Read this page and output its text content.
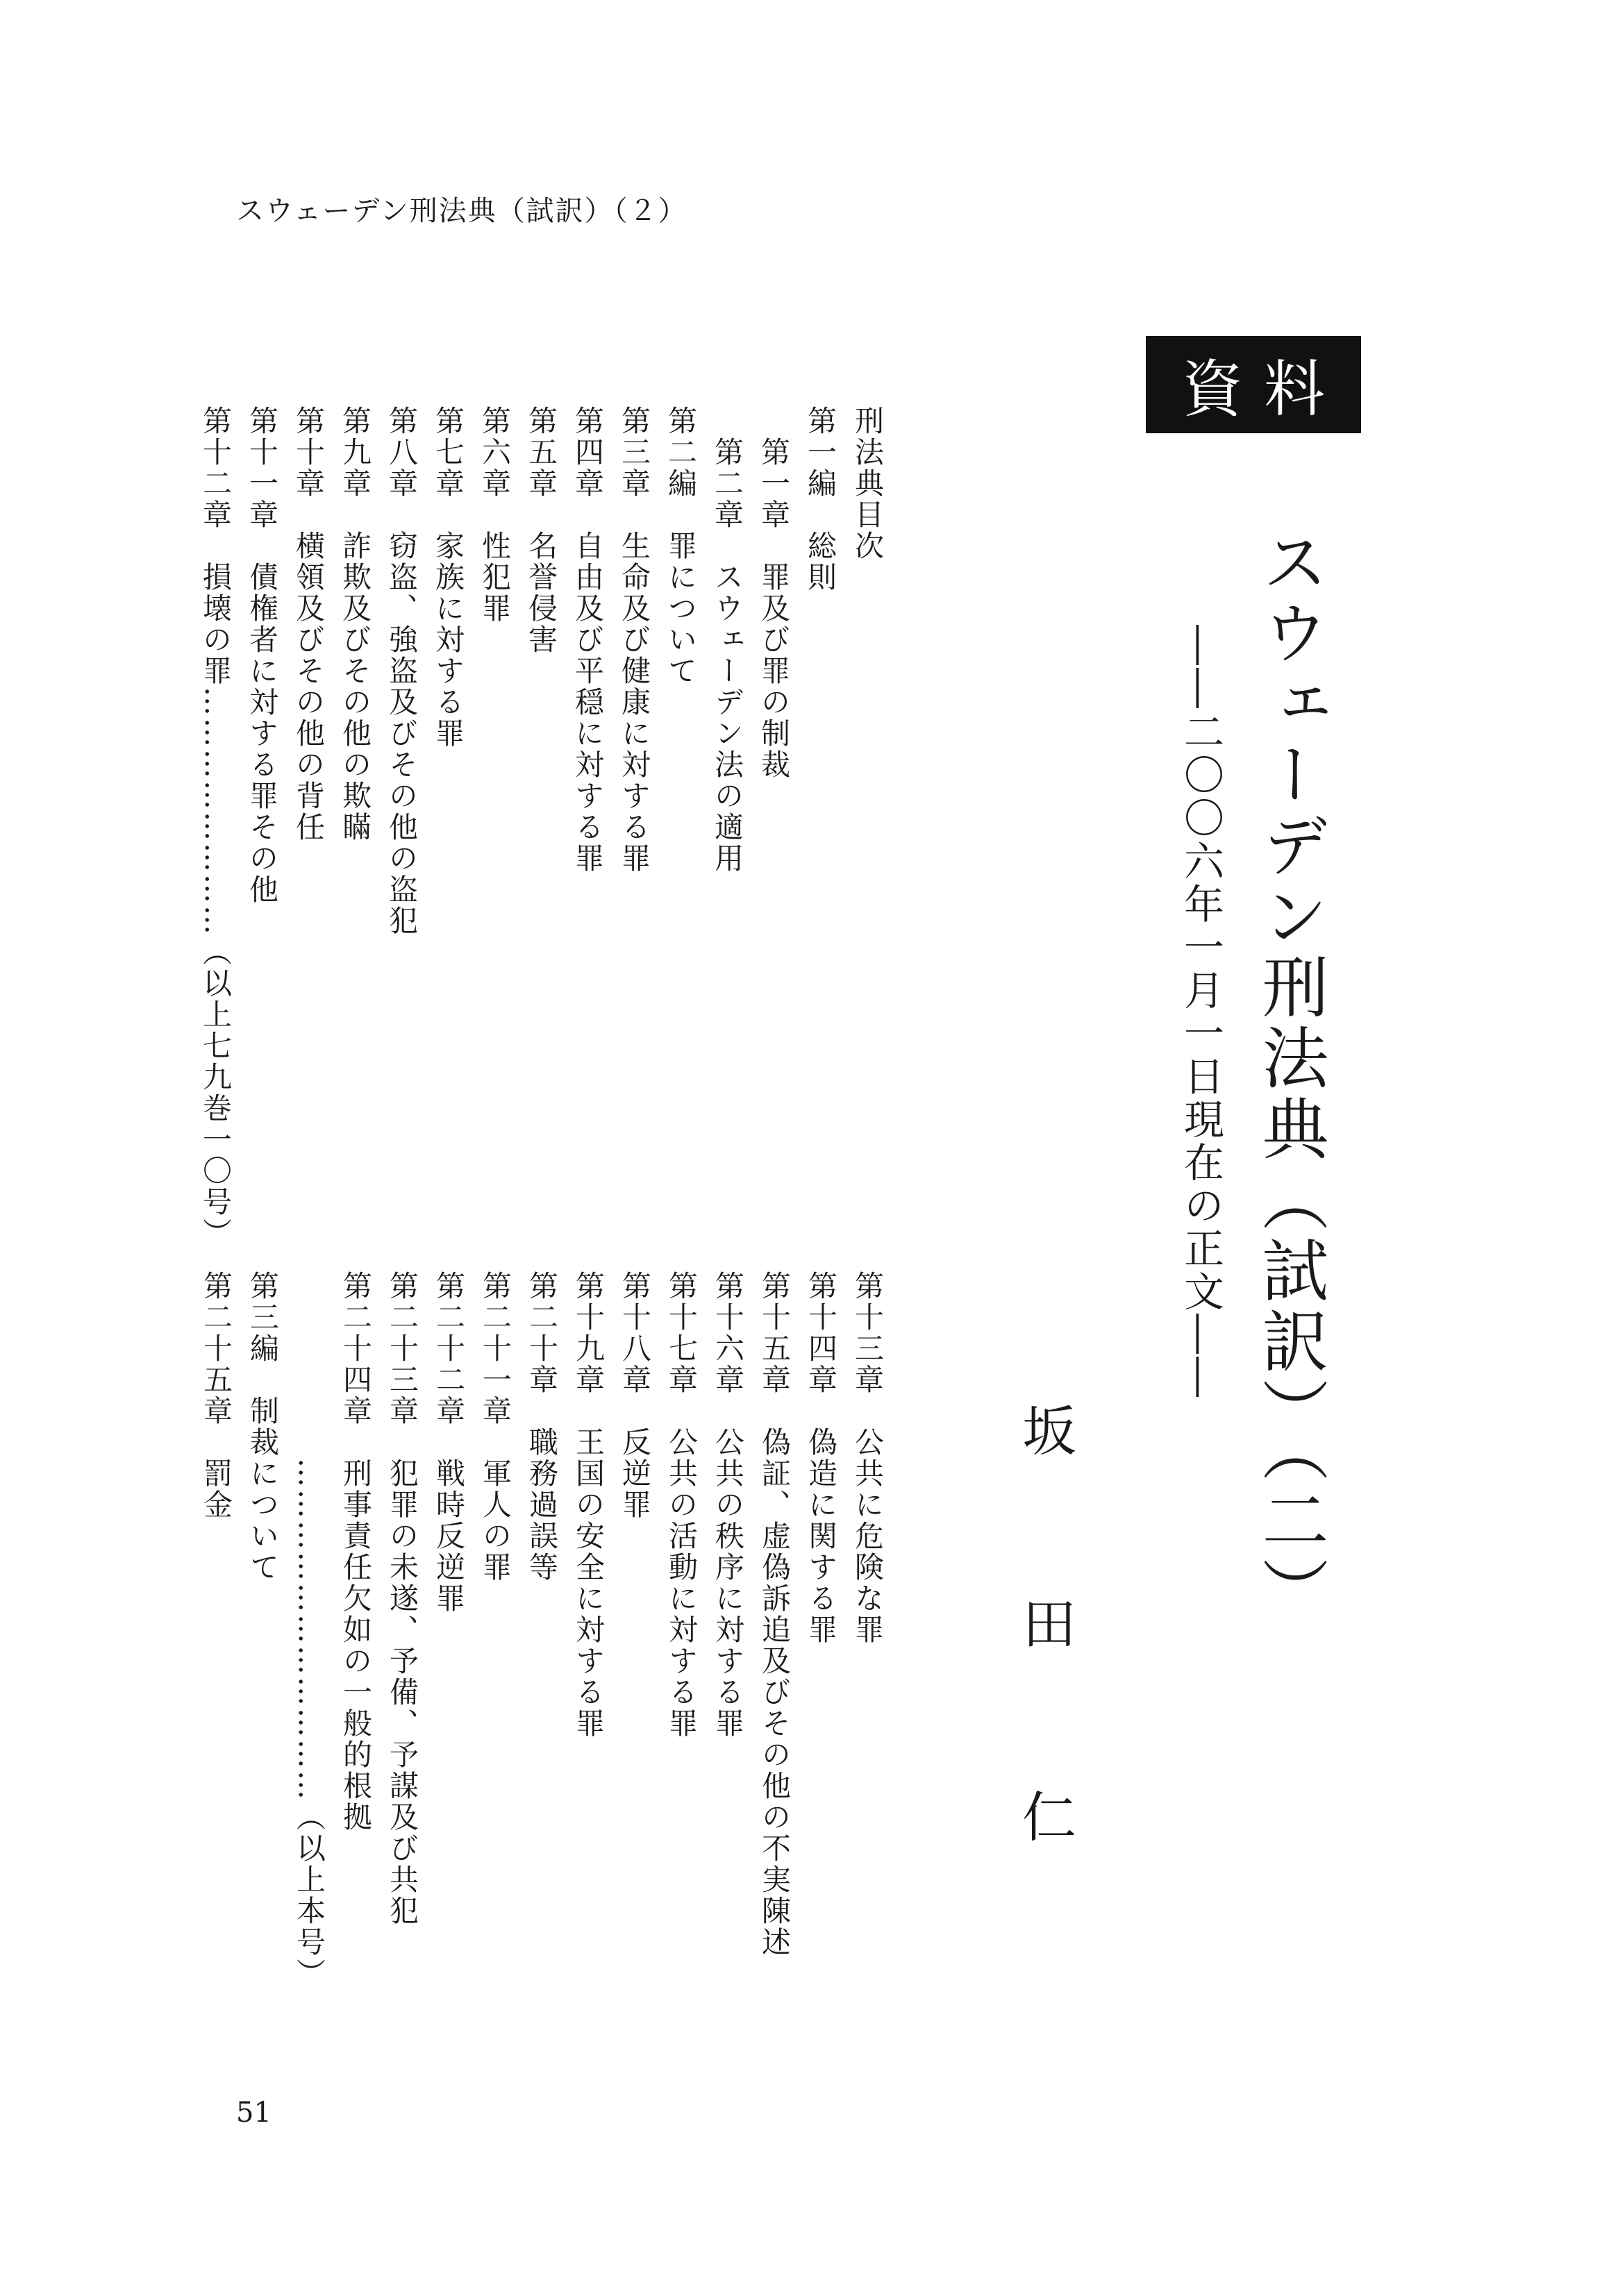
スウェーデン刑法典（試訳）（２）
資料
スウェーデン刑法典（試訳）（二）
――二〇〇六年一月一日現在の正文――
坂田仁
刑法典目次
第一編　総則
　第一章　罪及び罪の制裁
　第二章　スウェーデン法の適用
第二編　罪について
第三章　生命及び健康に対する罪
第四章　自由及び平穏に対する罪
第五章　名誉侵害
第六章　性犯罪
第七章　家族に対する罪
第八章　窃盗、強盗及びその他の盗犯
第九章　詐欺及びその他の欺瞞
第十章　横領及びその他の背任
第十一章　債権者に対する罪その他
第十二章　損壊の罪……………………（以上七九巻一〇号）
第十三章　公共に危険な罪
第十四章　偽造に関する罪
第十五章　偽証、虚偽訴追及びその他の不実陳述
第十六章　公共の秩序に対する罪
第十七章　公共の活動に対する罪
第十八章　反逆罪
第十九章　王国の安全に対する罪
第二十章　職務過誤等
第二十一章　軍人の罪
第二十二章　戦時反逆罪
第二十三章　犯罪の未遂、予備、予謀及び共犯
第二十四章　刑事責任欠如の一般的根拠
　　　　　　……………………………（以上本号）
第三編　制裁について
第二十五章　罰金
51
